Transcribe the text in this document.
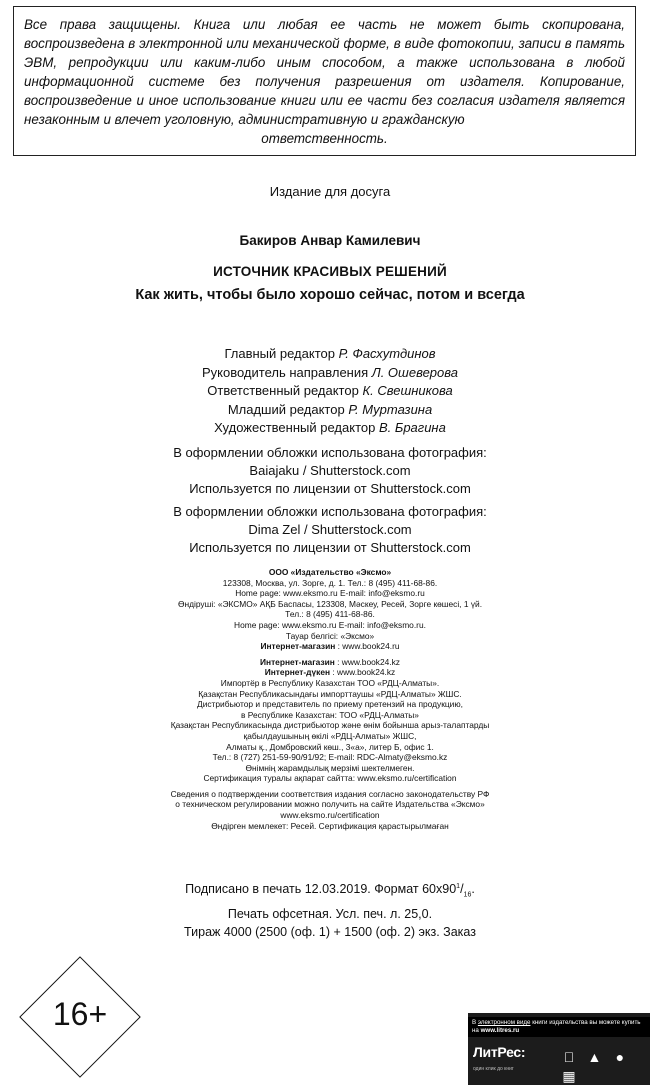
Все права защищены. Книга или любая ее часть не может быть скопирована, воспроизведена в электронной или механической форме, в виде фотокопии, записи в память ЭВМ, репродукции или каким-либо иным способом, а также использована в любой информационной системе без получения разрешения от издателя. Копирование, воспроизведение и иное использование книги или ее части без согласия издателя является незаконным и влечет уголовную, административную и гражданскую
ответственность.
Издание для досуга
Бакиров Анвар Камилевич
ИСТОЧНИК КРАСИВЫХ РЕШЕНИЙ
Как жить, чтобы было хорошо сейчас, потом и всегда
Главный редактор Р. Фасхутдинов
Руководитель направления Л. Ошеверова
Ответственный редактор К. Свешникова
Младший редактор Р. Муртазина
Художественный редактор В. Брагина
В оформлении обложки использована фотография:
Baiajaku / Shutterstock.com
Используется по лицензии от Shutterstock.com
В оформлении обложки использована фотография:
Dima Zel / Shutterstock.com
Используется по лицензии от Shutterstock.com
ООО «Издательство «Эксмо»
123308, Москва, ул. Зорге, д. 1. Тел.: 8 (495) 411-68-86.
Home page: www.eksmo.ru E-mail: info@eksmo.ru
Өндіруші: «ЭКСМО» АҚБ Баспасы, 123308, Мәскеу, Ресей, Зорге көшесі, 1 үй.
Тел.: 8 (495) 411-68-86.
Home page: www.eksmo.ru E-mail: info@eksmo.ru.
Тауар белгісі: «Эксмо»
Интернет-магазин : www.book24.ru
Интернет-магазин : www.book24.kz
Интернет-дүкен : www.book24.kz
Импортёр в Республику Казахстан ТОО «РДЦ-Алматы».
Қазақстан Республикасындағы импорттаушы «РДЦ-Алматы» ЖШС.
Дистрибьютор и представитель по приему претензий на продукцию,
в Республике Казахстан: ТОО «РДЦ-Алматы»
Қазақстан Республикасында дистрибьютор және өнім бойынша арыз-талаптарды
қабылдаушының өкілі «РДЦ-Алматы» ЖШС,
Алматы қ., Домбровский көш., 3«а», литер Б, офис 1.
Тел.: 8 (727) 251-59-90/91/92; E-mail: RDC-Almaty@eksmo.kz
Өнімнің жарамдылық мерзімі шектелмеген.
Сертификация туралы ақпарат сайтта: www.eksmo.ru/certification
Сведения о подтверждении соответствия издания согласно законодательству РФ
о техническом регулировании можно получить на сайте Издательства «Эксмо»
www.eksmo.ru/certification
Өндірген мемлекет: Ресей. Сертификация қарастырылмаған
Подписано в печать 12.03.2019. Формат $60х90^1/_{16}$.
Печать офсетная. Усл. печ. л. 25,0.
Тираж 4000 (2500 (оф. 1) + 1500 (оф. 2) экз. Заказ
16+	В электронном виде книги издательства вы можете купить на www.litres.ru
ЛитРес:
один клик до книг	▲ ● ▦
